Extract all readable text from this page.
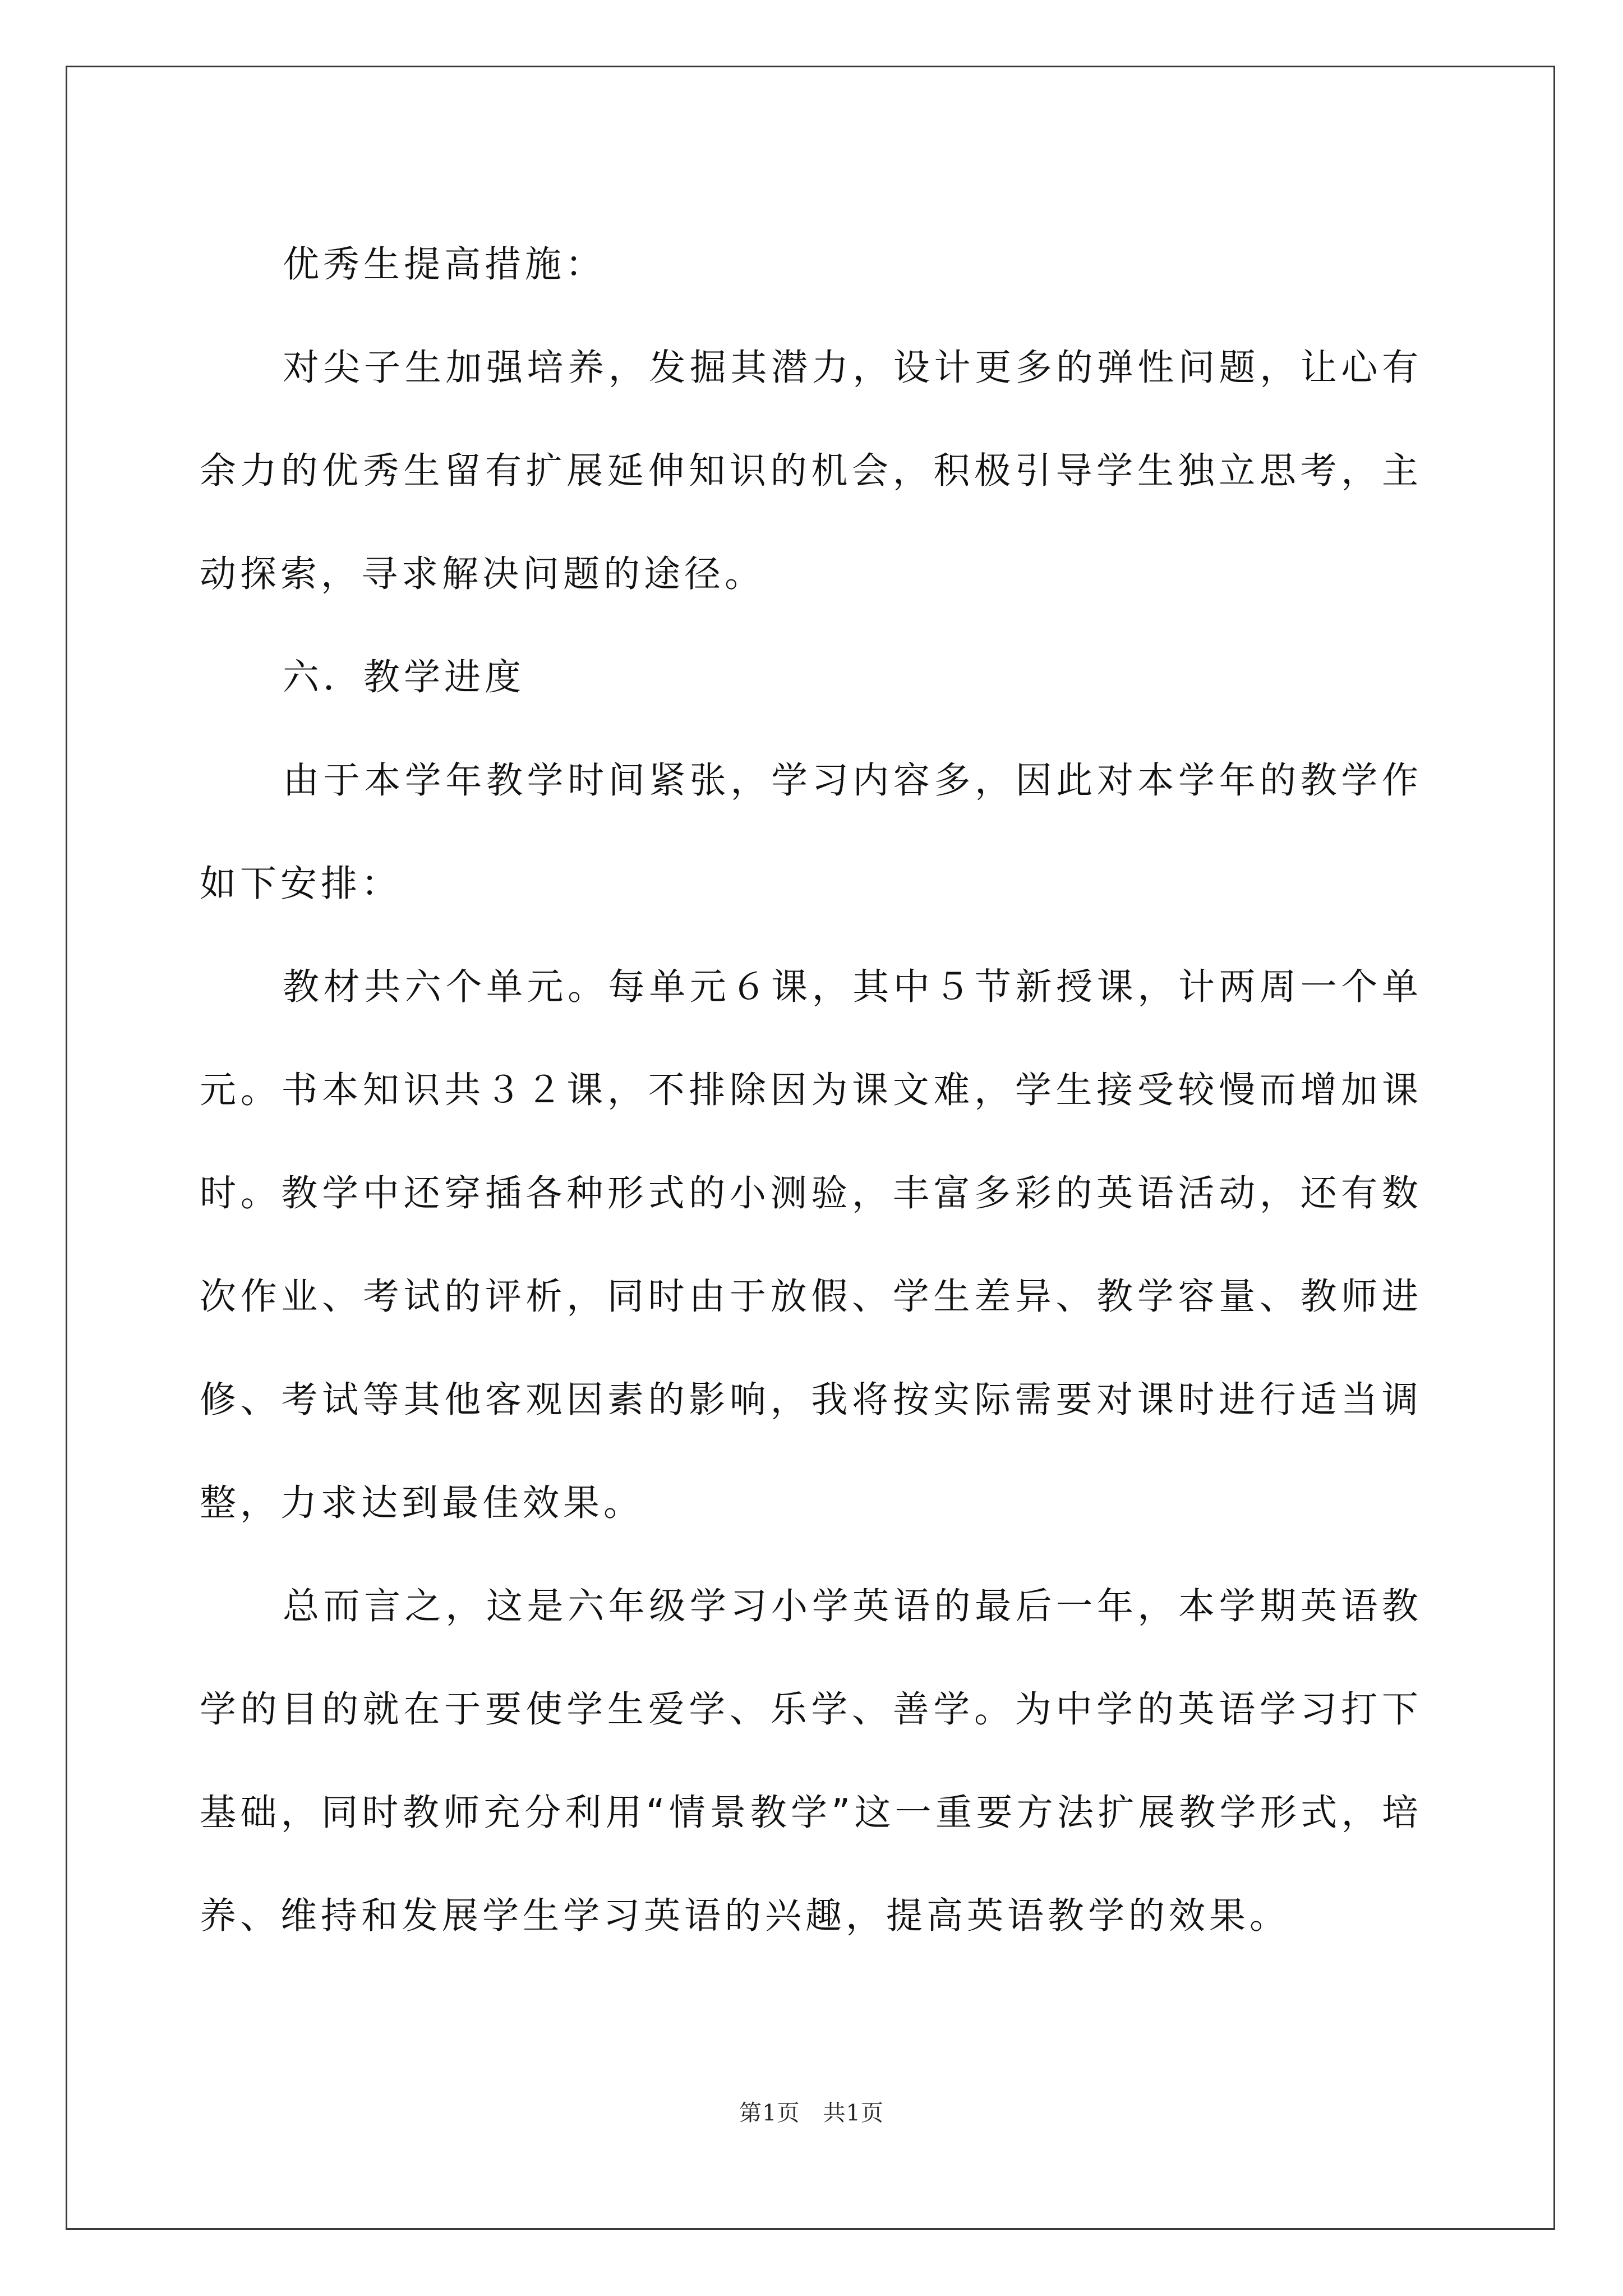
优秀生提高措施：

对尖子生加强培养，发掘其潜力，设计更多的弹性问题，让心有余力的优秀生留有扩展延伸知识的机会，积极引导学生独立思考，主动探索，寻求解决问题的途径。

六．教学进度

由于本学年教学时间紧张，学习内容多，因此对本学年的教学作如下安排：

教材共六个单元。每单元６课，其中５节新授课，计两周一个单元。书本知识共３２课，不排除因为课文难，学生接受较慢而增加课时。教学中还穿插各种形式的小测验，丰富多彩的英语活动，还有数次作业、考试的评析，同时由于放假、学生差异、教学容量、教师进修、考试等其他客观因素的影响，我将按实际需要对课时进行适当调整，力求达到最佳效果。

总而言之，这是六年级学习小学英语的最后一年，本学期英语教学的目的就在于要使学生爱学、乐学、善学。为中学的英语学习打下基础，同时教师充分利用“情景教学”这一重要方法扩展教学形式，培养、维持和发展学生学习英语的兴趣，提高英语教学的效果。

第1页　共1页
